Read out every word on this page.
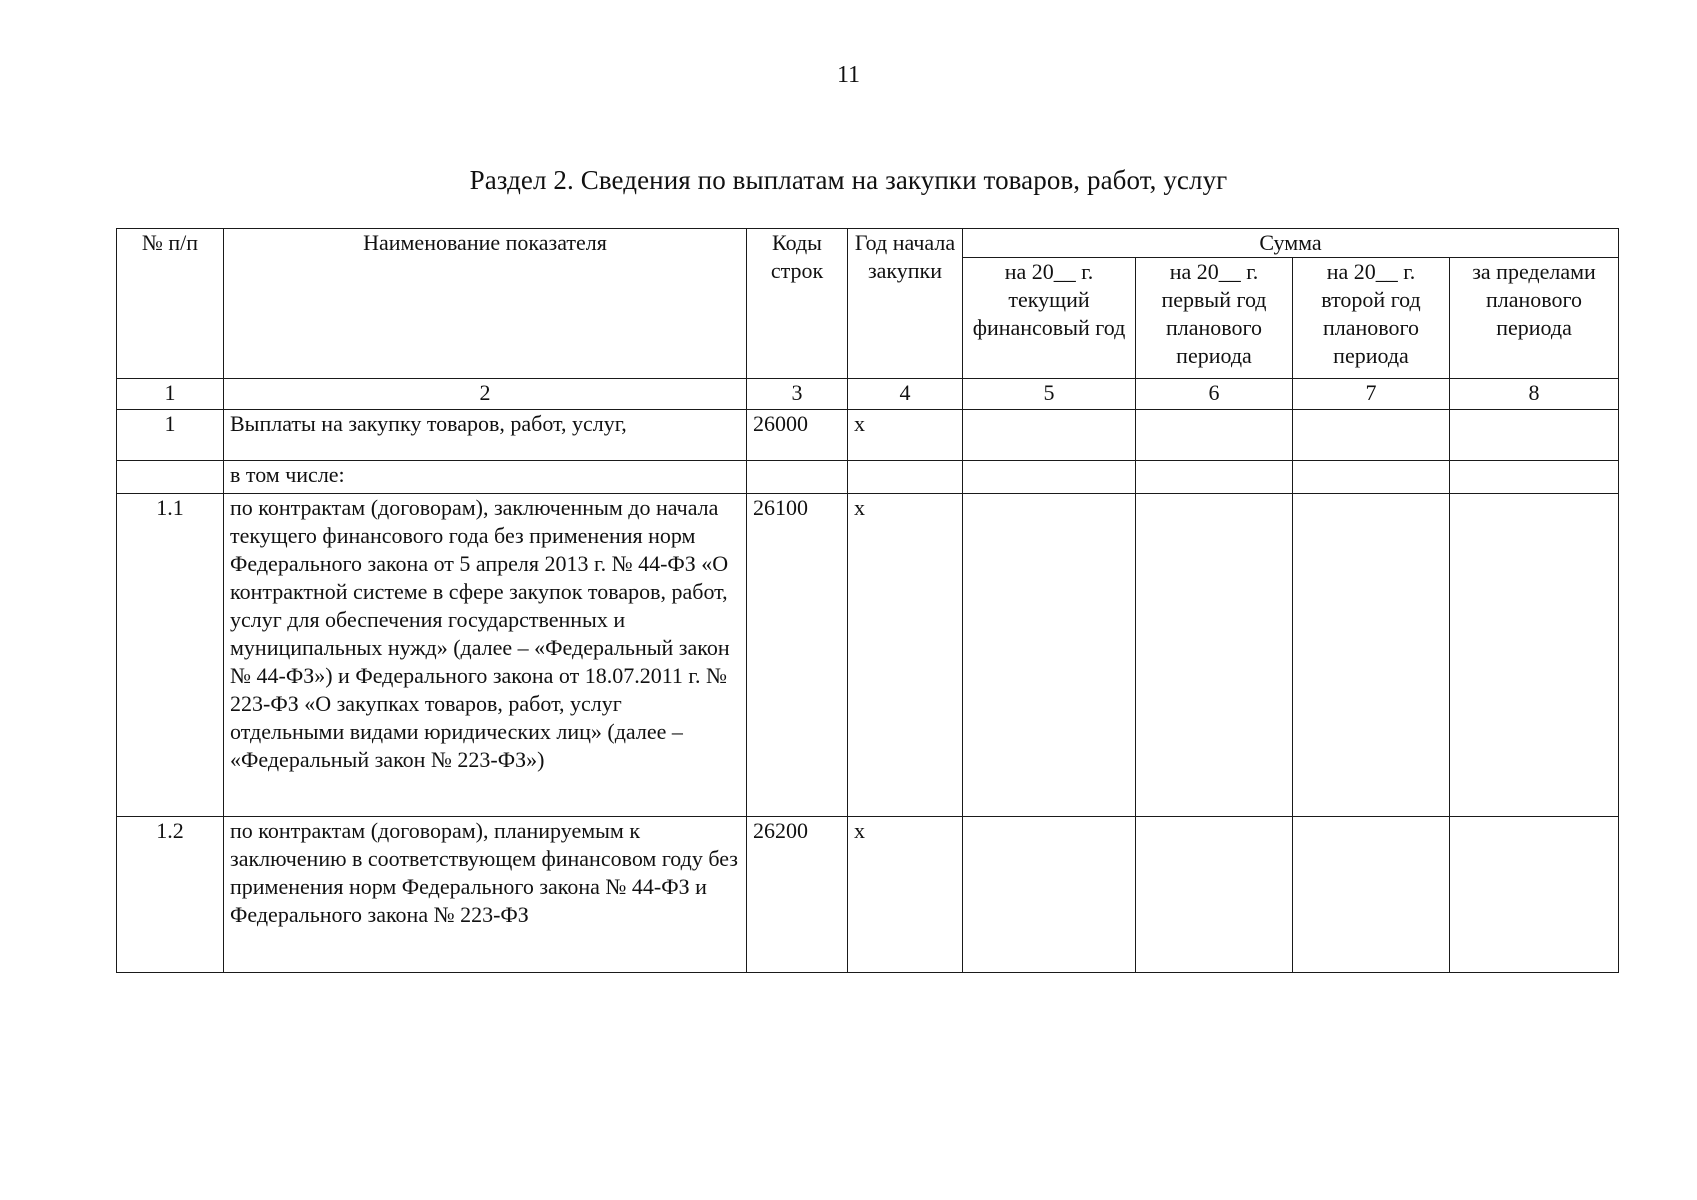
11
Раздел 2. Сведения по выплатам на закупки товаров, работ, услуг
№ п/п	Наименование показателя	Коды строк	Год начала закупки	Сумма			
				на 20__ г. текущий финансовый год	на 20__ г. первый год планового периода	на 20__ г. второй год планового периода	за пределами планового периода
1	2	3	4	5	6	7	8
1	Выплаты на закупку товаров, работ, услуг,	26000	x				
	в том числе:						
1.1	по контрактам (договорам), заключенным до начала текущего финансового года без применения норм Федерального закона от 5 апреля 2013 г. № 44-ФЗ «О контрактной системе в сфере закупок товаров, работ, услуг для обеспечения государственных и муниципальных нужд» (далее – «Федеральный закон № 44-ФЗ») и Федерального закона от 18.07.2011 г. № 223-ФЗ «О закупках товаров, работ, услуг отдельными видами юридических лиц» (далее – «Федеральный закон № 223-ФЗ»)	26100	x				
1.2	по контрактам (договорам), планируемым к заключению в соответствующем финансовом году без применения норм Федерального закона № 44-ФЗ и Федерального закона № 223-ФЗ	26200	x				
